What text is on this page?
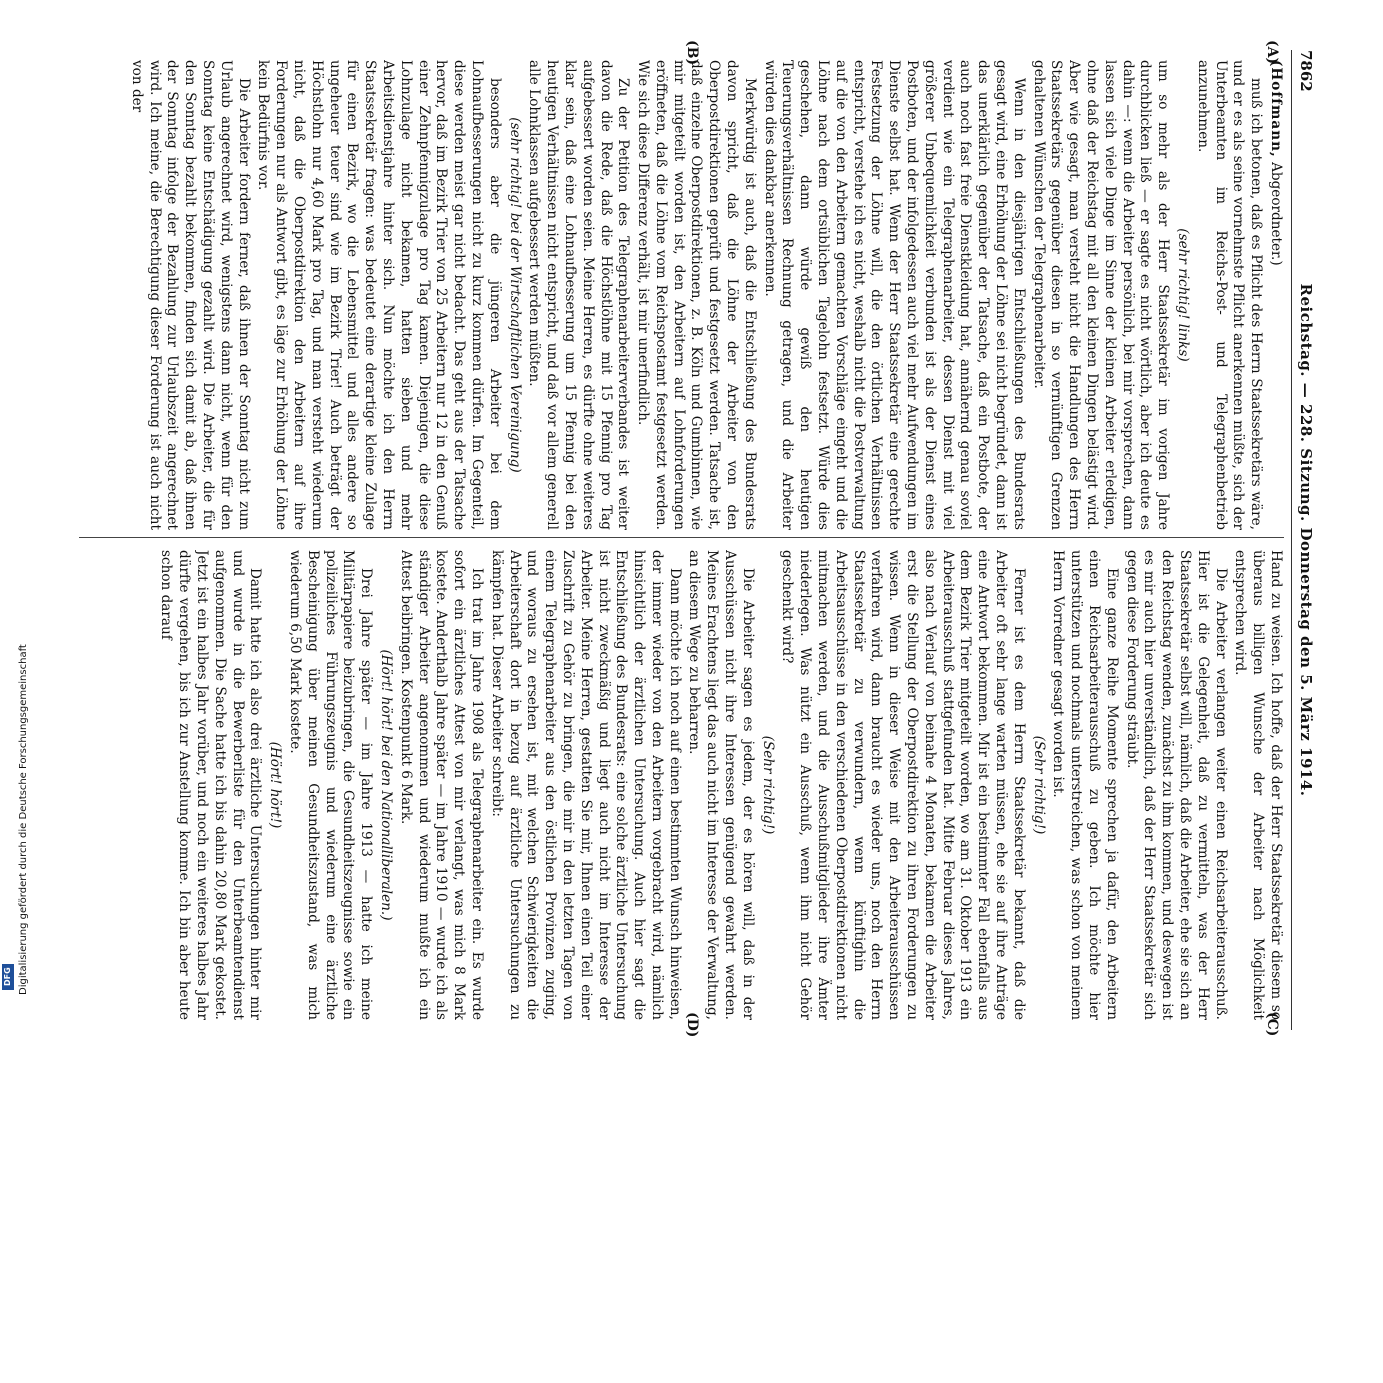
7862
Reichstag. — 228. Sitzung. Donnerstag den 5. März 1914.
(A)
(B)
(C)
(D)

(Hoffmann, Abgeordneter.)

muß ich betonen, daß es Pflicht des Herrn Staatssekretärs wäre, und er es als seine vornehmste Pflicht anerkennen müßte, sich der Unterbeamten im Reichs-Post- und Telegraphenbetrieb anzunehmen.

(sehr richtig! links)

um so mehr als der Herr Staatssekretär im vorigen Jahre durchblicken ließ — er sagte es nicht wörtlich, aber ich deute es dahin —: wenn die Arbeiter persönlich, bei mir vorsprechen, dann lassen sich viele Dinge im Sinne der kleinen Arbeiter erledigen, ohne daß der Reichstag mit all den kleinen Dingen belästigt wird. Aber wie gesagt, man versteht nicht die Handlungen des Herrn Staatssekretärs gegenüber diesen in so vernünftigen Grenzen gehaltenen Wünschen der Telegraphenarbeiter.

Wenn in den diesjährigen Entschließungen des Bundesrats gesagt wird, eine Erhöhung der Löhne sei nicht begründet, dann ist das unerklärlich gegenüber der Tatsache, daß ein Postbote, der auch noch fast freie Dienstkleidung hat, annähernd genau soviel verdient wie ein Telegraphenarbeiter, dessen Dienst mit viel größerer Unbequemlichkeit verbunden ist als der Dienst eines Postboten, und der infolgedessen auch viel mehr Aufwendungen im Dienste selbst hat. Wenn der Herr Staatssekretär eine gerechte Festsetzung der Löhne will, die den örtlichen Verhältnissen entspricht, verstehe ich es nicht, weshalb nicht die Postverwaltung auf die von den Arbeitern gemachten Vorschläge eingeht und die Löhne nach dem ortsüblichen Tagelohn festsetzt. Würde dies geschehen, dann würde gewiß den heutigen Teuerungsverhältnissen Rechnung getragen, und die Arbeiter würden dies dankbar anerkennen.

Merkwürdig ist auch, daß die Entschließung des Bundesrats davon spricht, daß die Löhne der Arbeiter von den Oberpostdirektionen geprüft und festgesetzt werden. Tatsache ist, daß einzelne Oberpostdirektionen, z. B. Köln und Gumbinnen, wie mir mitgeteilt worden ist, den Arbeitern auf Lohnforderungen eröffneten, daß die Löhne vom Reichspostamt festgesetzt werden. Wie sich diese Differenz verhält, ist mir unerfindlich.

Zu der Petition des Telegraphenarbeiterverbandes ist weiter davon die Rede, daß die Höchstlöhne mit 15 Pfennig pro Tag aufgebessert worden seien. Meine Herren, es dürfte ohne weiteres klar sein, daß eine Lohnaufbesserung um 15 Pfennig bei den heutigen Verhältnissen nicht entspricht, und daß vor allem generell alle Lohnklassen aufgebessert werden müßten.

(sehr richtig! bei der Wirtschaftlichen Vereinigung)

besonders aber die jüngeren Arbeiter bei dem Lohnaufbesserungen nicht zu kurz kommen dürfen. Im Gegenteil, diese werden meist gar nicht bedacht. Das geht aus der Tatsache hervor, daß im Bezirk Trier von 25 Arbeitern nur 12 in den Genuß einer Zehnpfennigzulage pro Tag kamen. Diejenigen, die diese Lohnzulage nicht bekamen, hatten sieben und mehr Arbeitsdienstjahre hinter sich. Nun möchte ich den Herrn Staatssekretär fragen: was bedeutet eine derartige kleine Zulage für einen Bezirk, wo die Lebensmittel und alles andere so ungeheuer teuer sind wie im Bezirk Trier! Auch beträgt der Höchstlohn nur 4,60 Mark pro Tag, und man versteht wiederum nicht, daß die Oberpostdirektion den Arbeitern auf ihre Forderungen nur als Antwort gibt, es läge zur Erhöhung der Löhne kein Bedürfnis vor.

Die Arbeiter fordern ferner, daß ihnen der Sonntag nicht zum Urlaub angerechnet wird, wenigstens dann nicht, wenn für den Sonntag keine Entschädigung gezahlt wird. Die Arbeiter, die für den Sonntag bezahlt bekommen, finden sich damit ab, daß ihnen der Sonntag infolge der Bezahlung zur Urlaubszeit angerechnet wird. Ich meine, die Berechtigung dieser Forderung ist auch nicht von der

Hand zu weisen. Ich hoffe, daß der Herr Staatssekretär diesem so überaus billigen Wunsche der Arbeiter nach Möglichkeit entsprechen wird.

Die Arbeiter verlangen weiter einen Reichsarbeiterausschuß. Hier ist die Gelegenheit, daß zu vermitteln, was der Herr Staatssekretär selbst will, nämlich, daß die Arbeiter, ehe sie sich an den Reichstag wenden, zunächst zu ihm kommen, und deswegen ist es mir auch hier unverständlich, daß der Herr Staatssekretär sich gegen diese Forderung sträubt.

Eine ganze Reihe Momente sprechen ja dafür, den Arbeitern einen Reichsarbeiterausschuß zu geben. Ich möchte hier unterstützen und nochmals unterstreichen, was schon von meinem Herrn Vorredner gesagt worden ist.

(Sehr richtig!)

Ferner ist es dem Herrn Staatssekretär bekannt, daß die Arbeiter oft sehr lange warten müssen, ehe sie auf ihre Anträge eine Antwort bekommen. Mir ist ein bestimmter Fall ebenfalls aus dem Bezirk Trier mitgeteilt worden, wo am 31. Oktober 1913 ein Arbeiterausschuß stattgefunden hat. Mitte Februar dieses Jahres, also nach Verlauf von beinahe 4 Monaten, bekamen die Arbeiter erst die Stellung der Oberpostdirektion zu ihren Forderungen zu wissen. Wenn in dieser Weise mit den Arbeiterausschüssen verfahren wird, dann braucht es wieder uns, noch den Herrn Staatssekretär zu verwundern, wenn künftighin die Arbeitsausschüsse in den verschiedenen Oberpostdirektionen nicht mitmachen werden, und die Ausschußmitglieder ihre Ämter niederlegen. Was nützt ein Ausschuß, wenn ihm nicht Gehör geschenkt wird?

(Sehr richtig!)

Die Arbeiter sagen es jedem, der es hören will, daß in der Ausschüssen nicht ihre Interessen genügend gewahrt werden. Meines Erachtens liegt das auch nicht im Interesse der Verwaltung, an diesem Wege zu beharren.

Dann möchte ich noch auf einen bestimmten Wunsch hinweisen, der immer wieder von den Arbeitern vorgebracht wird, nämlich hinsichtlich der ärztlichen Untersuchung. Auch hier sagt die Entschließung des Bundesrats: eine solche ärztliche Untersuchung ist nicht zweckmäßig und liegt auch nicht im Interesse der Arbeiter. Meine Herren, gestatten Sie mir, Ihnen einen Teil einer Zuschrift zu Gehör zu bringen, die mir in den letzten Tagen von einem Telegraphenarbeiter aus den östlichen Provinzen zuging, und woraus zu ersehen ist, mit welchen Schwierigkeiten die Arbeiterschaft dort in bezug auf ärztliche Untersuchungen zu kämpfen hat. Dieser Arbeiter schreibt:

Ich trat im Jahre 1908 als Telegraphenarbeiter ein. Es wurde sofort ein ärztliches Attest von mir verlangt, was mich 8 Mark kostete. Anderthalb Jahre später — im Jahre 1910 — wurde ich als ständiger Arbeiter angenommen und wiederum mußte ich ein Attest beibringen. Kostenpunkt 6 Mark.

(Hört! hört! bei den Nationalliberalen.)

Drei Jahre später — im Jahre 1913 — hatte ich meine Militärpapiere beizubringen, die Gesundheitszeugnisse sowie ein polizeiliches Führungszeugnis und wiederum eine ärztliche Bescheinigung über meinen Gesundheitszustand, was mich wiederum 6,50 Mark kostete.

(Hört! hört!)

Damit hatte ich also drei ärztliche Untersuchungen hinter mir und wurde in die Bewerberliste für den Unterbeamtendienst aufgenommen. Die Sache hatte ich bis dahin 20,80 Mark gekostet. Jetzt ist ein halbes Jahr vorüber, und noch ein weiteres halbes Jahr dürfte vergehen, bis ich zur Anstellung komme. Ich bin aber heute schon darauf

Digitalisierung gefördert durch die Deutsche Forschungsgemeinschaft
DFG
